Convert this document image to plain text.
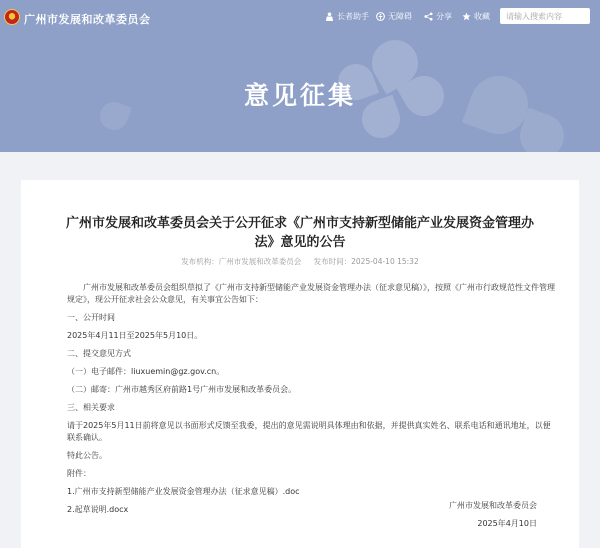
广州市发展和改革委员会	长者助手 无障碍	分享	收藏
请输入搜索内容
意见征集
广州市发展和改革委员会关于公开征求《广州市支持新型储能产业发展资金管理办法》意见的公告
发布机构：广州市发展和改革委员会 发布时间：2025-04-10 15:32
广州市发展和改革委员会组织草拟了《广州市支持新型储能产业发展资金管理办法（征求意见稿）》，按照《广州市行政规范性文件管理规定》，现公开征求社会公众意见，有关事宜公告如下：
一、公开时间
2025年4月11日至2025年5月10日。
二、提交意见方式
（一）电子邮件：liuxuemin@gz.gov.cn。
（二）邮寄：广州市越秀区府前路1号广州市发展和改革委员会。
三、相关要求
请于2025年5月11日前将意见以书面形式反馈至我委，提出的意见需说明具体理由和依据，并提供真实姓名、联系电话和通讯地址，以便联系确认。
特此公告。
附件：
1.广州市支持新型储能产业发展资金管理办法（征求意见稿）.doc
2.起草说明.docx	广州市发展和改革委员会
2025年4月10日
